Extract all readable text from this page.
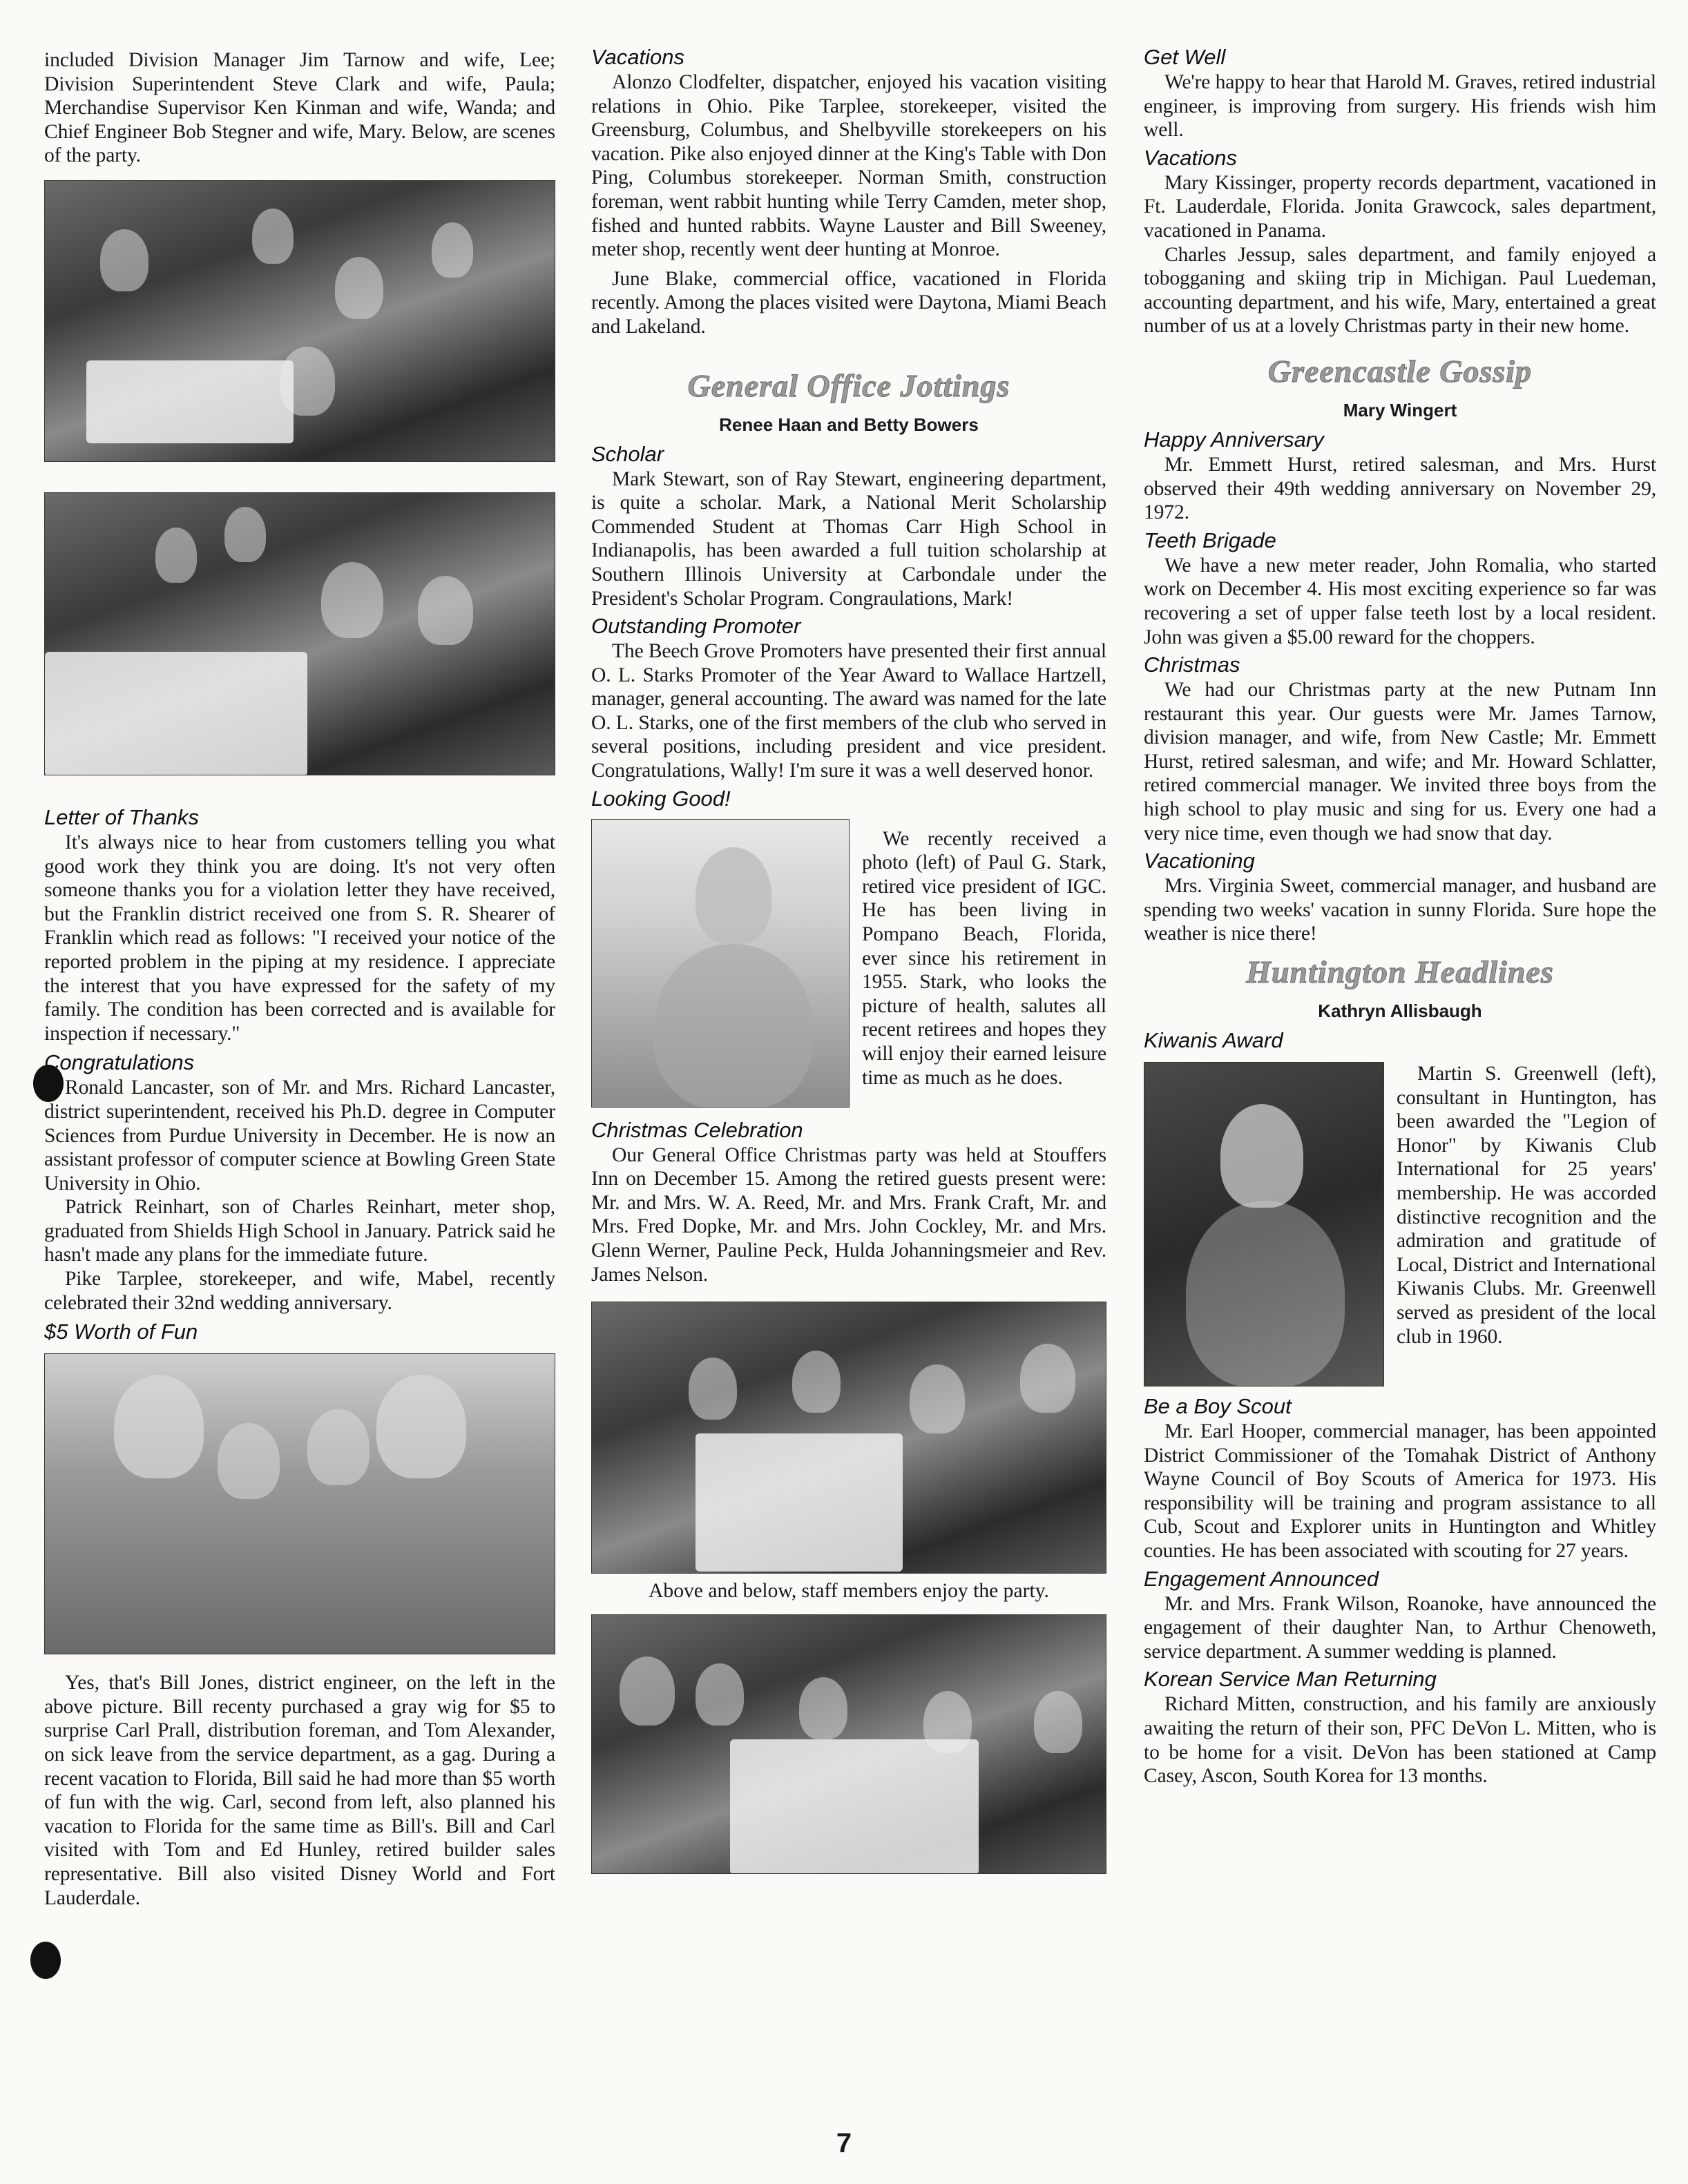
included Division Manager Jim Tarnow and wife, Lee; Division Superintendent Steve Clark and wife, Paula; Merchandise Supervisor Ken Kinman and wife, Wanda; and Chief Engineer Bob Stegner and wife, Mary. Below, are scenes of the party.

Letter of Thanks

It's always nice to hear from customers telling you what good work they think you are doing. It's not very often someone thanks you for a violation letter they have received, but the Franklin district received one from S. R. Shearer of Franklin which read as follows: "I received your notice of the reported problem in the piping at my residence. I appreciate the interest that you have expressed for the safety of my family. The condition has been corrected and is available for inspection if necessary."

Congratulations

Ronald Lancaster, son of Mr. and Mrs. Richard Lancaster, district superintendent, received his Ph.D. degree in Computer Sciences from Purdue University in December. He is now an assistant professor of computer science at Bowling Green State University in Ohio.

Patrick Reinhart, son of Charles Reinhart, meter shop, graduated from Shields High School in January. Patrick said he hasn't made any plans for the immediate future.

Pike Tarplee, storekeeper, and wife, Mabel, recently celebrated their 32nd wedding anniversary.

$5 Worth of Fun

Yes, that's Bill Jones, district engineer, on the left in the above picture. Bill recenty purchased a gray wig for $5 to surprise Carl Prall, distribution foreman, and Tom Alexander, on sick leave from the service department, as a gag. During a recent vacation to Florida, Bill said he had more than $5 worth of fun with the wig. Carl, second from left, also planned his vacation to Florida for the same time as Bill's. Bill and Carl visited with Tom and Ed Hunley, retired builder sales representative. Bill also visited Disney World and Fort Lauderdale.

Vacations

Alonzo Clodfelter, dispatcher, enjoyed his vacation visiting relations in Ohio. Pike Tarplee, storekeeper, visited the Greensburg, Columbus, and Shelbyville storekeepers on his vacation. Pike also enjoyed dinner at the King's Table with Don Ping, Columbus storekeeper. Norman Smith, construction foreman, went rabbit hunting while Terry Camden, meter shop, fished and hunted rabbits. Wayne Lauster and Bill Sweeney, meter shop, recently went deer hunting at Monroe.

June Blake, commercial office, vacationed in Florida recently. Among the places visited were Daytona, Miami Beach and Lakeland.

General Office Jottings
Renee Haan and Betty Bowers
Scholar

Mark Stewart, son of Ray Stewart, engineering department, is quite a scholar. Mark, a National Merit Scholarship Commended Student at Thomas Carr High School in Indianapolis, has been awarded a full tuition scholarship at Southern Illinois University at Carbondale under the President's Scholar Program. Congraulations, Mark!

Outstanding Promoter

The Beech Grove Promoters have presented their first annual O. L. Starks Promoter of the Year Award to Wallace Hartzell, manager, general accounting. The award was named for the late O. L. Starks, one of the first members of the club who served in several positions, including president and vice president. Congratulations, Wally! I'm sure it was a well deserved honor.

Looking Good!

We recently received a photo (left) of Paul G. Stark, retired vice president of IGC. He has been living in Pompano Beach, Florida, ever since his retirement in 1955. Stark, who looks the picture of health, salutes all recent retirees and hopes they will enjoy their earned leisure time as much as he does.

Christmas Celebration

Our General Office Christmas party was held at Stouffers Inn on December 15. Among the retired guests present were: Mr. and Mrs. W. A. Reed, Mr. and Mrs. Frank Craft, Mr. and Mrs. Fred Dopke, Mr. and Mrs. John Cockley, Mr. and Mrs. Glenn Werner, Pauline Peck, Hulda Johanningsmeier and Rev. James Nelson.

Above and below, staff members enjoy the party.

Get Well

We're happy to hear that Harold M. Graves, retired industrial engineer, is improving from surgery. His friends wish him well.

Vacations

Mary Kissinger, property records department, vacationed in Ft. Lauderdale, Florida. Jonita Grawcock, sales department, vacationed in Panama.

Charles Jessup, sales department, and family enjoyed a tobogganing and skiing trip in Michigan. Paul Luedeman, accounting department, and his wife, Mary, entertained a great number of us at a lovely Christmas party in their new home.

Greencastle Gossip
Mary Wingert
Happy Anniversary

Mr. Emmett Hurst, retired salesman, and Mrs. Hurst observed their 49th wedding anniversary on November 29, 1972.

Teeth Brigade

We have a new meter reader, John Romalia, who started work on December 4. His most exciting experience so far was recovering a set of upper false teeth lost by a local resident. John was given a $5.00 reward for the choppers.

Christmas

We had our Christmas party at the new Putnam Inn restaurant this year. Our guests were Mr. James Tarnow, division manager, and wife, from New Castle; Mr. Emmett Hurst, retired salesman, and wife; and Mr. Howard Schlatter, retired commercial manager. We invited three boys from the high school to play music and sing for us. Every one had a very nice time, even though we had snow that day.

Vacationing

Mrs. Virginia Sweet, commercial manager, and husband are spending two weeks' vacation in sunny Florida. Sure hope the weather is nice there!

Huntington Headlines
Kathryn Allisbaugh
Kiwanis Award

Martin S. Greenwell (left), consultant in Huntington, has been awarded the "Legion of Honor" by Kiwanis Club International for 25 years' membership. He was accorded distinctive recognition and the admiration and gratitude of Local, District and International Kiwanis Clubs. Mr. Greenwell served as president of the local club in 1960.

Be a Boy Scout

Mr. Earl Hooper, commercial manager, has been appointed District Commissioner of the Tomahak District of Anthony Wayne Council of Boy Scouts of America for 1973. His responsibility will be training and program assistance to all Cub, Scout and Explorer units in Huntington and Whitley counties. He has been associated with scouting for 27 years.

Engagement Announced

Mr. and Mrs. Frank Wilson, Roanoke, have announced the engagement of their daughter Nan, to Arthur Chenoweth, service department. A summer wedding is planned.

Korean Service Man Returning

Richard Mitten, construction, and his family are anxiously awaiting the return of their son, PFC DeVon L. Mitten, who is to be home for a visit. DeVon has been stationed at Camp Casey, Ascon, South Korea for 13 months.

7
